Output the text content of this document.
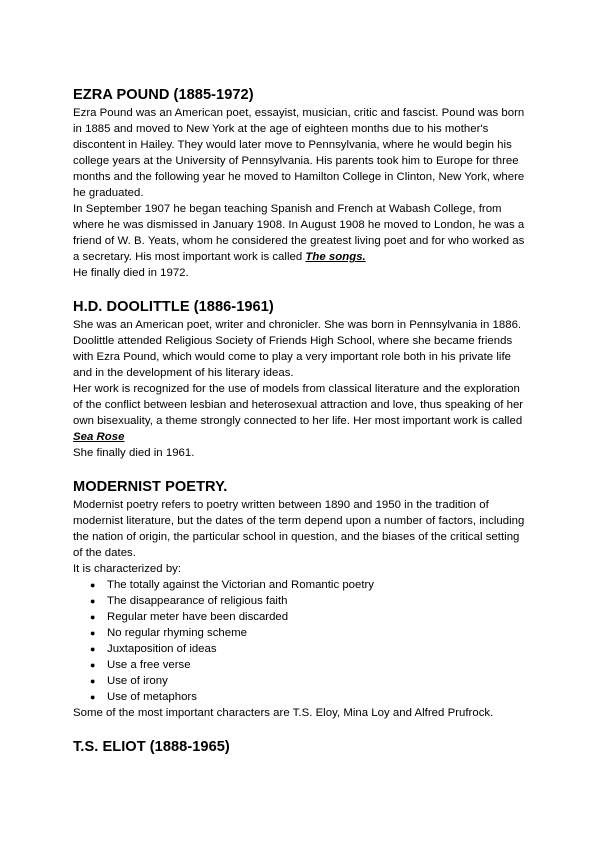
EZRA POUND (1885-1972)

Ezra Pound was an American poet, essayist, musician, critic and fascist. Pound was born in 1885 and moved to New York at the age of eighteen months due to his mother's discontent in Hailey. They would later move to Pennsylvania, where he would begin his college years at the University of Pennsylvania. His parents took him to Europe for three months and the following year he moved to Hamilton College in Clinton, New York, where he graduated.

In September 1907 he began teaching Spanish and French at Wabash College, from where he was dismissed in January 1908. In August 1908 he moved to London, he was a friend of W. B. Yeats, whom he considered the greatest living poet and for who worked as a secretary. His most important work is called The songs.

He finally died in 1972.

H.D. DOOLITTLE (1886-1961)

She was an American poet, writer and chronicler. She was born in Pennsylvania in 1886. Doolittle attended Religious Society of Friends High School, where she became friends with Ezra Pound, which would come to play a very important role both in his private life and in the development of his literary ideas.

Her work is recognized for the use of models from classical literature and the exploration of the conflict between lesbian and heterosexual attraction and love, thus speaking of her own bisexuality, a theme strongly connected to her life. Her most important work is called Sea Rose

She finally died in 1961.

MODERNIST POETRY.

Modernist poetry refers to poetry written between 1890 and 1950 in the tradition of modernist literature, but the dates of the term depend upon a number of factors, including the nation of origin, the particular school in question, and the biases of the critical setting of the dates.

It is characterized by:

● The totally against the Victorian and Romantic poetry
● The disappearance of religious faith
● Regular meter have been discarded
● No regular rhyming scheme
● Juxtaposition of ideas
● Use a free verse
● Use of irony
● Use of metaphors

Some of the most important characters are T.S. Eloy, Mina Loy and Alfred Prufrock.

T.S. ELIOT (1888-1965)
